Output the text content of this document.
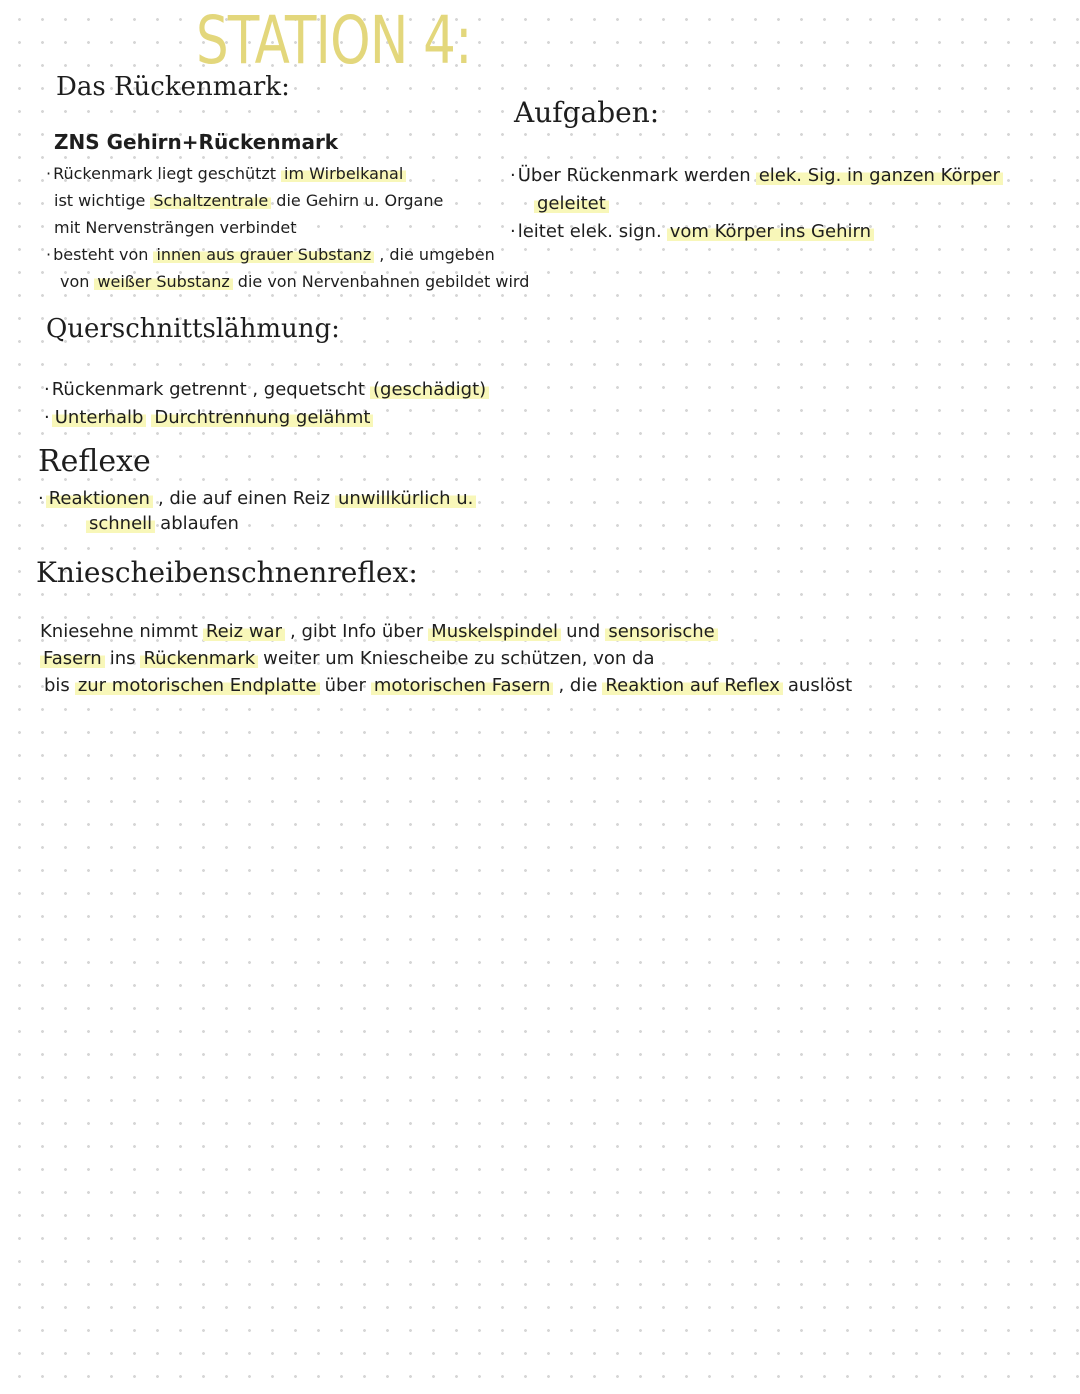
STATION 4:
Das Rückenmark:
ZNS Gehirn+Rückenmark
· Rückenmark liegt geschützt im Wirbelkanal
ist wichtige Schaltzentrale die Gehirn u. Organe
mit Nervensträngen verbindet
· besteht von innen aus grauer Substanz , die umgeben
von weißer Substanz die von Nervenbahnen gebildet wird
Aufgaben:
· Über Rückenmark werden elek. Sig. in ganzen Körper
geleitet
· leitet elek. sign. vom Körper ins Gehirn
Querschnittslähmung:
· Rückenmark getrennt , gequetscht (geschädigt)
· Unterhalb Durchtrennung gelähmt
Reflexe
· Reaktionen , die auf einen Reiz unwillkürlich u.
schnell ablaufen
Kniescheibenschnenreflex:
Kniesehne nimmt Reiz war , gibt Info über Muskelspindel und sensorische
Fasern ins Rückenmark weiter um Kniescheibe zu schützen, von da
bis zur motorischen Endplatte über motorischen Fasern , die Reaktion auf Reflex auslöst
